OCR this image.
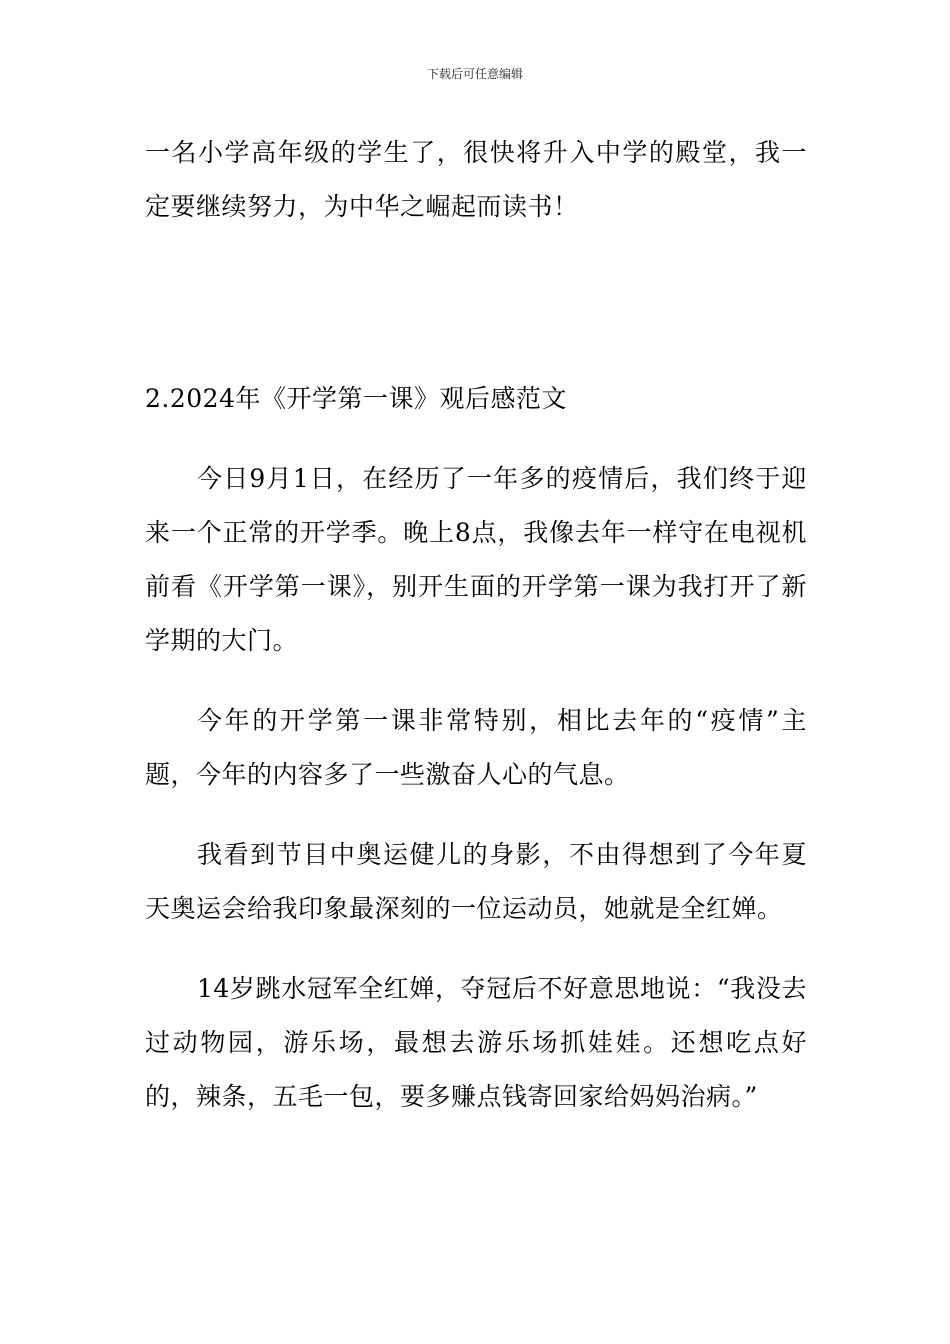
下载后可任意编辑

一名小学高年级的学生了，很快将升入中学的殿堂，我一定要继续努力，为中华之崛起而读书！

2.2024年《开学第一课》观后感范文

今日9月1日，在经历了一年多的疫情后，我们终于迎来一个正常的开学季。晚上8点，我像去年一样守在电视机前看《开学第一课》，别开生面的开学第一课为我打开了新学期的大门。

今年的开学第一课非常特别，相比去年的“疫情”主题，今年的内容多了一些激奋人心的气息。

我看到节目中奥运健儿的身影，不由得想到了今年夏天奥运会给我印象最深刻的一位运动员，她就是全红婵。

14岁跳水冠军全红婵，夺冠后不好意思地说：“我没去过动物园，游乐场，最想去游乐场抓娃娃。还想吃点好的，辣条，五毛一包，要多赚点钱寄回家给妈妈治病。”
